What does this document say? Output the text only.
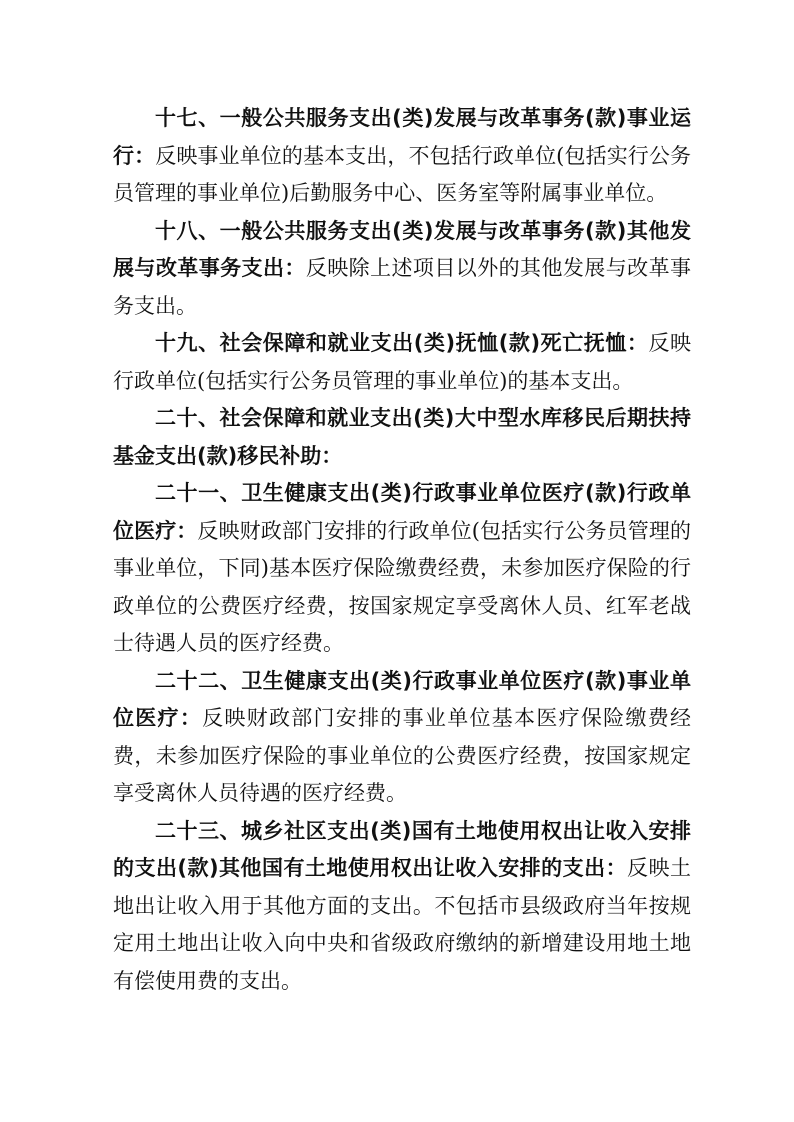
十七、一般公共服务支出(类)发展与改革事务(款)事业运行：反映事业单位的基本支出，不包括行政单位(包括实行公务员管理的事业单位)后勤服务中心、医务室等附属事业单位。

十八、一般公共服务支出(类)发展与改革事务(款)其他发展与改革事务支出：反映除上述项目以外的其他发展与改革事务支出。

十九、社会保障和就业支出(类)抚恤(款)死亡抚恤：反映行政单位(包括实行公务员管理的事业单位)的基本支出。

二十、社会保障和就业支出(类)大中型水库移民后期扶持基金支出(款)移民补助：

二十一、卫生健康支出(类)行政事业单位医疗(款)行政单位医疗：反映财政部门安排的行政单位(包括实行公务员管理的事业单位，下同)基本医疗保险缴费经费，未参加医疗保险的行政单位的公费医疗经费，按国家规定享受离休人员、红军老战士待遇人员的医疗经费。

二十二、卫生健康支出(类)行政事业单位医疗(款)事业单位医疗：反映财政部门安排的事业单位基本医疗保险缴费经费，未参加医疗保险的事业单位的公费医疗经费，按国家规定享受离休人员待遇的医疗经费。

二十三、城乡社区支出(类)国有土地使用权出让收入安排的支出(款)其他国有土地使用权出让收入安排的支出：反映土地出让收入用于其他方面的支出。不包括市县级政府当年按规定用土地出让收入向中央和省级政府缴纳的新增建设用地土地有偿使用费的支出。
